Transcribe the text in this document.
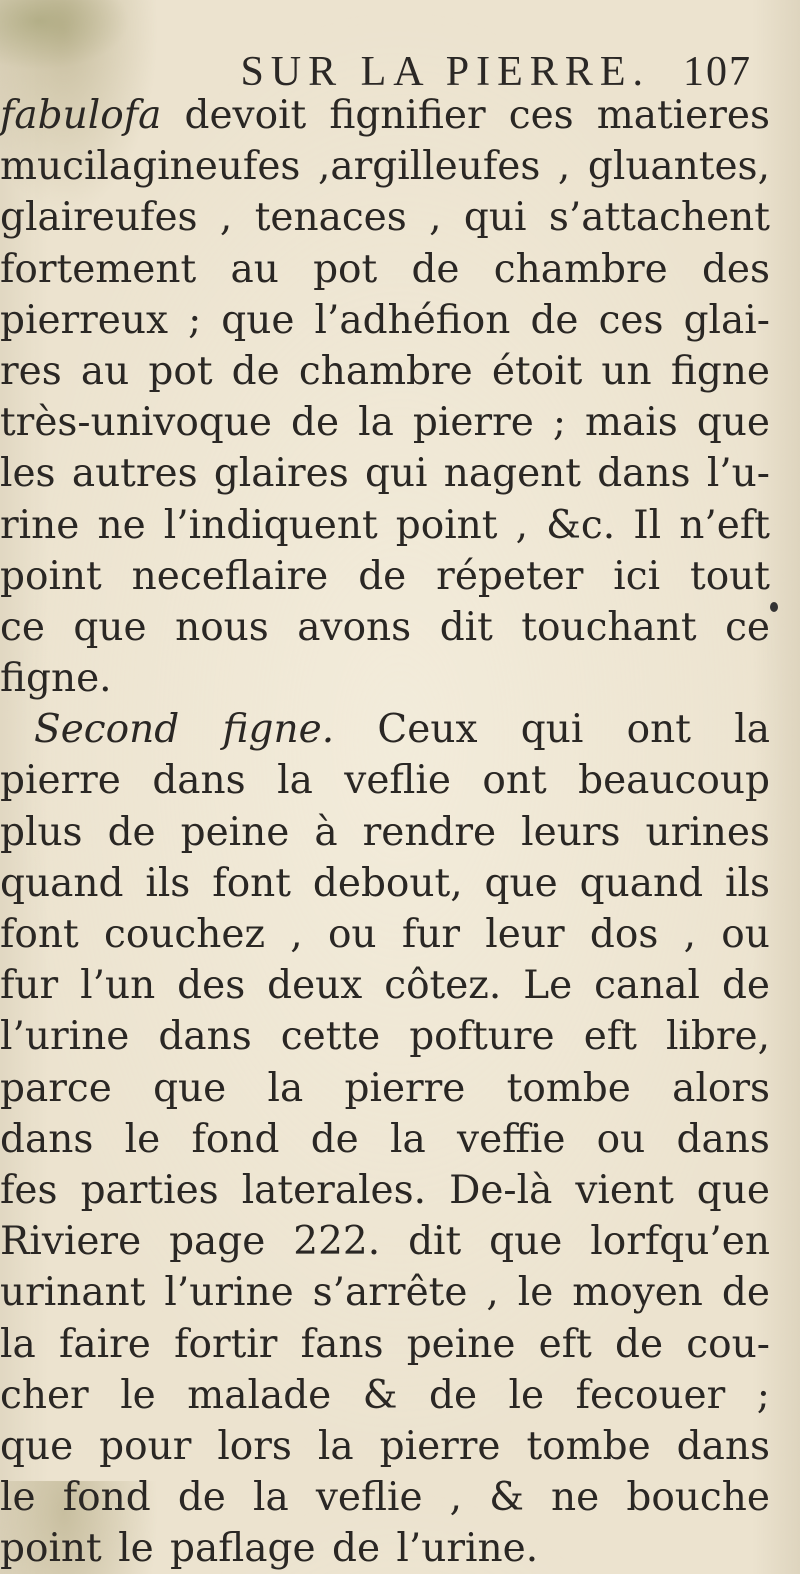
SUR LA PIERRE. 107
fabulofa devoit fignifier ces matieres
mucilagineufes ,argilleufes , gluantes,
glaireufes , tenaces , qui s’attachent
fortement au pot de chambre des
pierreux ; que l’adhéfion de ces glai-
res au pot de chambre étoit un figne
très-univoque de la pierre ; mais que
les autres glaires qui nagent dans l’u-
rine ne l’indiquent point , &c. Il n’eft
point neceflaire de répeter ici tout
ce que nous avons dit touchant ce
figne.
Second figne. Ceux qui ont la
pierre dans la veflie ont beaucoup
plus de peine à rendre leurs urines
quand ils font debout, que quand ils
font couchez , ou fur leur dos , ou
fur l’un des deux côtez. Le canal de
l’urine dans cette pofture eft libre,
parce que la pierre tombe alors
dans le fond de la veffie ou dans
fes parties laterales. De-là vient que
Riviere page 222. dit que lorfqu’en
urinant l’urine s’arrête , le moyen de
la faire fortir fans peine eft de cou-
cher le malade & de le fecouer ;
que pour lors la pierre tombe dans
le fond de la veflie , & ne bouche
point le paflage de l’urine.
